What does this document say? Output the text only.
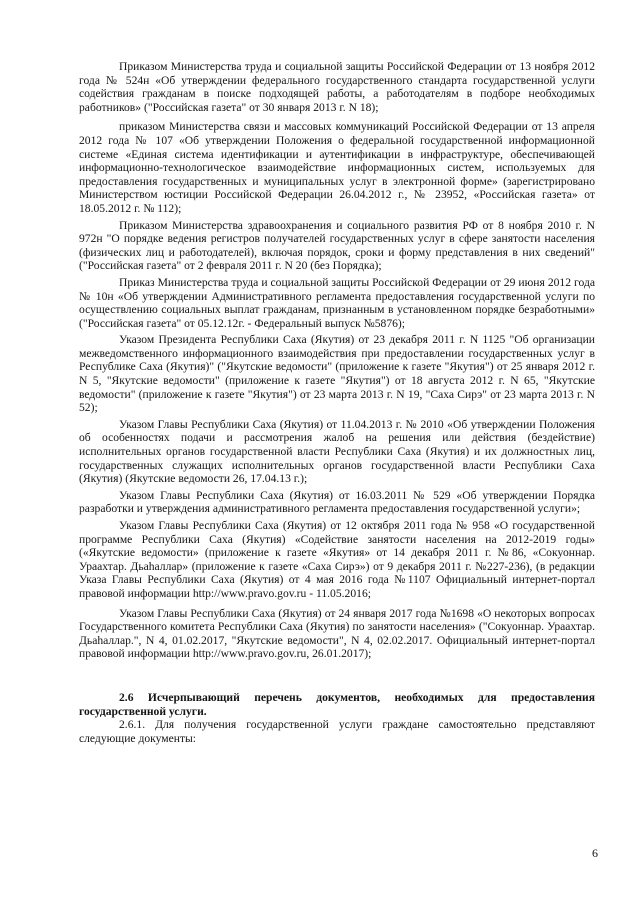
Приказом Министерства труда и социальной защиты Российской Федерации от 13 ноября 2012 года № 524н «Об утверждении федерального государственного стандарта государственной услуги содействия гражданам в поиске подходящей работы, а работодателям в подборе необходимых работников» ("Российская газета" от 30 января 2013 г. N 18);

приказом Министерства связи и массовых коммуникаций Российской Федерации от 13 апреля 2012 года № 107 «Об утверждении Положения о федеральной государственной информационной системе «Единая система идентификации и аутентификации в инфраструктуре, обеспечивающей информационно-технологическое взаимодействие информационных систем, используемых для предоставления государственных и муниципальных услуг в электронной форме» (зарегистрировано Министерством юстиции Российской Федерации 26.04.2012 г., № 23952, «Российская газета» от 18.05.2012 г. № 112);

Приказом Министерства здравоохранения и социального развития РФ от 8 ноября 2010 г. N 972н "О порядке ведения регистров получателей государственных услуг в сфере занятости населения (физических лиц и работодателей), включая порядок, сроки и форму представления в них сведений" ("Российская газета" от 2 февраля 2011 г. N 20 (без Порядка);

Приказ Министерства труда и социальной защиты Российской Федерации от 29 июня 2012 года № 10н «Об утверждении Административного регламента предоставления государственной услуги по осуществлению социальных выплат гражданам, признанным в установленном порядке безработными» ("Российская газета" от 05.12.12г. - Федеральный выпуск №5876);

Указом Президента Республики Саха (Якутия) от 23 декабря 2011 г. N 1125 "Об организации межведомственного информационного взаимодействия при предоставлении государственных услуг в Республике Саха (Якутия)" ("Якутские ведомости" (приложение к газете "Якутия") от 25 января 2012 г. N 5, "Якутские ведомости" (приложение к газете "Якутия") от 18 августа 2012 г. N 65, "Якутские ведомости" (приложение к газете "Якутия") от 23 марта 2013 г. N 19, "Саха Сирэ" от 23 марта 2013 г. N 52);

Указом Главы Республики Саха (Якутия) от 11.04.2013 г. № 2010 «Об утверждении Положения об особенностях подачи и рассмотрения жалоб на решения или действия (бездействие) исполнительных органов государственной власти Республики Саха (Якутия) и их должностных лиц, государственных служащих исполнительных органов государственной власти Республики Саха (Якутия) (Якутские ведомости 26, 17.04.13 г.);

Указом Главы Республики Саха (Якутия) от 16.03.2011 № 529 «Об утверждении Порядка разработки и утверждения административного регламента предоставления государственной услуги»;

Указом Главы Республики Саха (Якутия) от 12 октября 2011 года № 958 «О государственной программе Республики Саха (Якутия) «Содействие занятости населения на 2012-2019 годы» («Якутские ведомости» (приложение к газете «Якутия» от 14 декабря 2011 г. №86, «Сокуоннар. Ураахтар. Дьаһаллар» (приложение к газете «Саха Сирэ») от 9 декабря 2011 г. №227-236), (в редакции Указа Главы Республики Саха (Якутия) от 4 мая 2016 года №1107 Официальный интернет-портал правовой информации http://www.pravo.gov.ru - 11.05.2016;

Указом Главы Республики Саха (Якутия) от 24 января 2017 года №1698 «О некоторых вопросах Государственного комитета Республики Саха (Якутия) по занятости населения» ("Сокуоннар. Ураахтар. Дьаһаллар.", N 4, 01.02.2017, "Якутские ведомости", N 4, 02.02.2017. Официальный интернет-портал правовой информации http://www.pravo.gov.ru, 26.01.2017);

2.6 Исчерпывающий перечень документов, необходимых для предоставления государственной услуги.

2.6.1. Для получения государственной услуги граждане самостоятельно представляют следующие документы:

6
